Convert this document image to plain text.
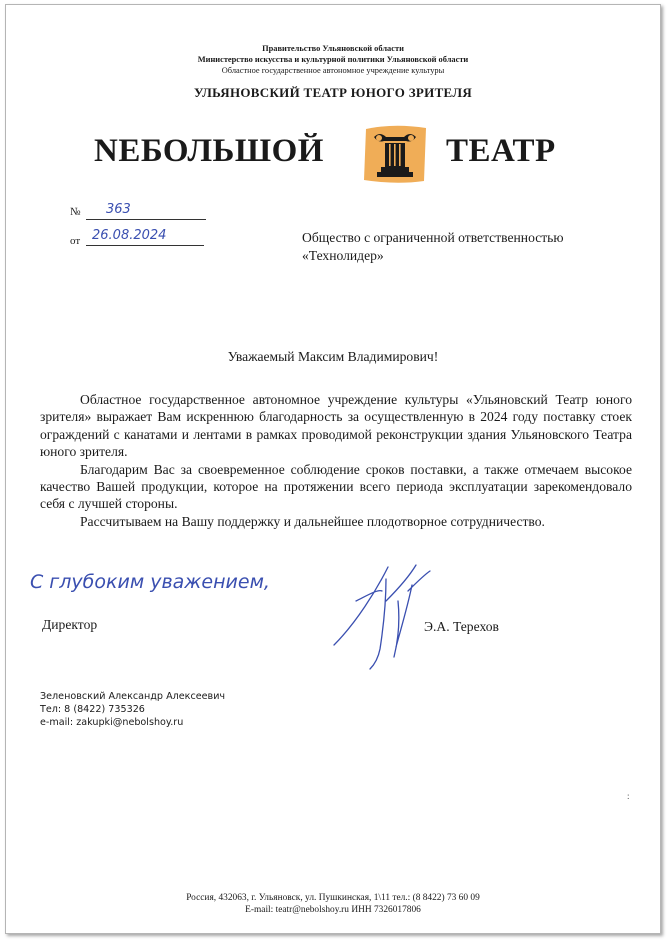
Правительство Ульяновской области
Министерство искусства и культурной политики Ульяновской области
Областное государственное автономное учреждение культуры
УЛЬЯНОВСКИЙ ТЕАТР ЮНОГО ЗРИТЕЛЯ
NЕБОЛЬШОЙ	ТЕАТР
№ 363
от 26.08.2024	Общество с ограниченной ответственностью
«Технолидер»
Уважаемый Максим Владимирович!

Областное государственное автономное учреждение культуры «Ульяновский Театр юного зрителя» выражает Вам искреннюю благодарность за осуществленную в 2024 году поставку стоек ограждений с канатами и лентами в рамках проводимой реконструкции здания Ульяновского Театра юного зрителя.

Благодарим Вас за своевременное соблюдение сроков поставки, а также отмечаем высокое качество Вашей продукции, которое на протяжении всего периода эксплуатации зарекомендовало себя с лучшей стороны.

Рассчитываем на Вашу поддержку и дальнейшее плодотворное сотрудничество.

С глубоким уважением,
Директор	Э.А. Терехов
Зеленовский Александр Алексеевич
Тел: 8 (8422) 735326
e-mail: zakupki@nebolshoy.ru
:
Россия, 432063, г. Ульяновск, ул. Пушкинская, 1\11 тел.: (8 8422) 73 60 09
E-mail: teatr@nebolshoy.ru ИНН 7326017806
